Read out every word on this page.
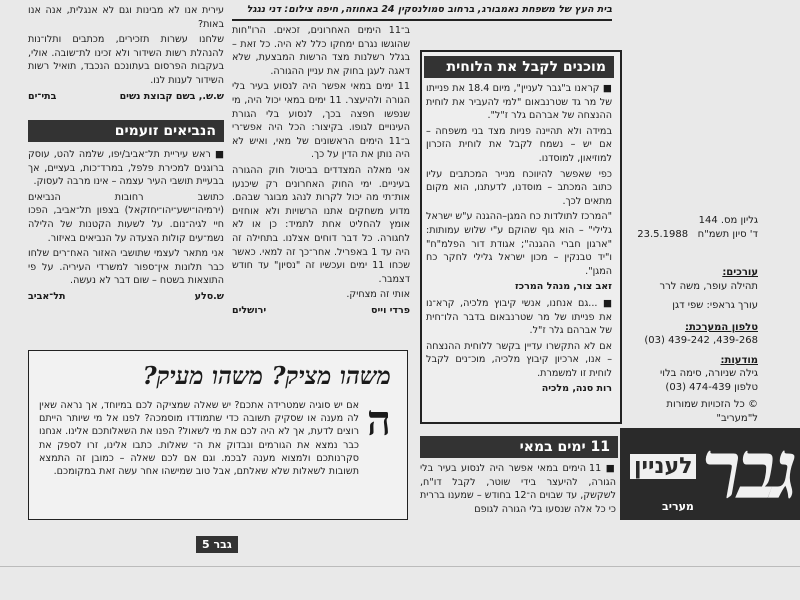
בית העץ של משפחת נאמבורג, ברחוב סמולנסקין 24 באחוזה, חיפה צילום: דני נגגל
גליון מס. 144
ד' סיון תשמ"ח   23.5.1988
עורכים:
תהילה עופר, משה לרר
עורך גראפי: שפי דגן
טלפון המערכת:
(03) 439-242 ,439-268
מודעות:
גילה שניורה, סימה בלוי
טלפון 474-439 (03)
© כל הזכויות שמורות ל"מעריב"
גבר
לעניין
מעריב
מוכנים לקבל את הלוחית

■ קראנו ב"גבר לעניין", מיום 18.4 את פנייתו של מר גד שטרנבאום "למי להעביר את לוחית ההנצחה של אברהם גלר ז"ל".

במידה ולא תהיינה פניות מצד בני משפחה – אם יש – נשמח לקבל את לוחית הזכרון למוזיאון, למוסדנו.

כפי שאפשר להיווכח מנייר המכתבים עליו כתוב המכתב – מוסדנו, לדעתנו, הוא מקום מתאים לכך.

"המרכז לתולדות כח המגן–ההגנה ע"ש ישראל גלילי" – הוא גוף שהוקם ע"י שלוש עמותות: "ארגון חברי ההגנה"; אגודת דור הפלמ"ח" ו"יד טבנקין – מכון ישראל גלילי לחקר כח המגן".

זאב צור, מנהל המרכז

■ ...גם אנחנו, אנשי קיבוץ מלכיה, קרא־נו את פנייתו של מר שטרנבאום בדבר הלו־חית של אברהם גלר ז"ל.

אם לא התקשרו עדיין בקשר ללוחית ההנצחה – אנו, ארכיון קיבוץ מלכיה, מוכ־נים לקבל לוחית זו למשמרת.

רות סנה, מלכיה
11 ימים במאי

■ 11 הימים במאי אפשר היה לנסוע בעיר בלי הגורה, להיעצר בידי שוטר, לקבל דו"ח, לשקשק, עד שבוים ה־12 בחודש – שמענו בררית כי כל אלה שנסעו בלי הגורה לגופם

ב־11 הימים האחרונים, זכאים. הרו"חות שהוגשו נגרם ימחקו כלל לא היה. כל זאת – בגלל רשלנות מצד הרשות המבצעת, שלא דאגה לעגן בחוק את עניין ההגורה.

11 ימים במאי אפשר היה לנסוע בעיר בלי הגורה ולהיעצר. 11 ימים במאי יכול היה, מי שנפשו חפצה בכך, לנסוע בלי הגורת העינויים לגופו. בקיצור: הכל היה אפש־רי ב־11 הימים הראשונים של מאי, ואיש לא היה נותן את הדין על כך.

אני מאלה המצדדים בביטול חוק ההגורה בעיניים. ימי החוק האחרונים רק שיכנעו אות־תי מה יכול לקרות לנהג מבוגר שבהם. מדוע משחקים אתנו הרשויות ולא אוחזים אומץ להחליט אחת לתמיד: כן או לא לחגורה. כל דבר דוחים אצלנו. בתחילה זה היה עד 1 באפריל. אחר־כך זה למאי. כאשר שכחו 11 ימים ועכשיו זה "נסיון" עד חודש דצמבר.

אותי זה מצחיק.

פרדי וייס
ירושלים

עירית אנו לא מבינות וגם לא אנגלית, אנה אנו באות?

שלחנו עשרות תזכירים, מכתבים ותלו־נות להנהלת רשות השידור ולא זכינו לת־שובה. אולי, בעקבות הפרסום בעתונכם הנכבד, תואיל רשות השידור לענות לנו.

ש.ש., בשם קבוצת נשים
בתי־ים
הנביאים זועמים

■ ראש עיריית תל־אביב/יפו, שלמה להט, עוסק ברוגנים למכירת פלפל, במרד־כות, בעציים, אך בבעיית תושבי העיר עצמה – אינו מרבה לעסוק.

כתושב רחובות הנביאים (ירמיהו־ישע־יהו־יחזקאל) בצפון תל־אביב, הפכו חיי לגיה־נום. על לשעות הקטנות של הלילה נשמ־עים קולות הצעדה על הנביאים באיזור.

אני מתאר לעצמי שתושבי האזור האח־רים שלחו כבר תלונות אין־ספור למשרדי העיריה. על פי התוצאות בשטח – שום דבר לא נעשה.

ש.סלע
תל־אביב
משהו מציק? משהו מעיק?
ה
אם יש סוגיה שמטרידה אתכם? יש שאלה שמציקה לכם במיוחד, אך נראה שאין לה מענה או שסקיק תשובה כדי שתמודדו מוסמכה? לפנו אל מי שיותר הייתם רוצים לדעת, אך לא היה לכם את מי לשאול? הפנו את השאלותכם אלינו. אנחנו כבר נמצא את הגורמים ונבדוק את ה־ שאלות. כתבו אלינו, זרו לספק את סקרנותכם ולמצוא מענה לבכמ. וגם אם לכם שאלה – כמובן זה התמצא תשובות לשאלות שלא שאלתם, אבל טוב שמישהו אחר עשה זאת במקומכם.
גבר 5
